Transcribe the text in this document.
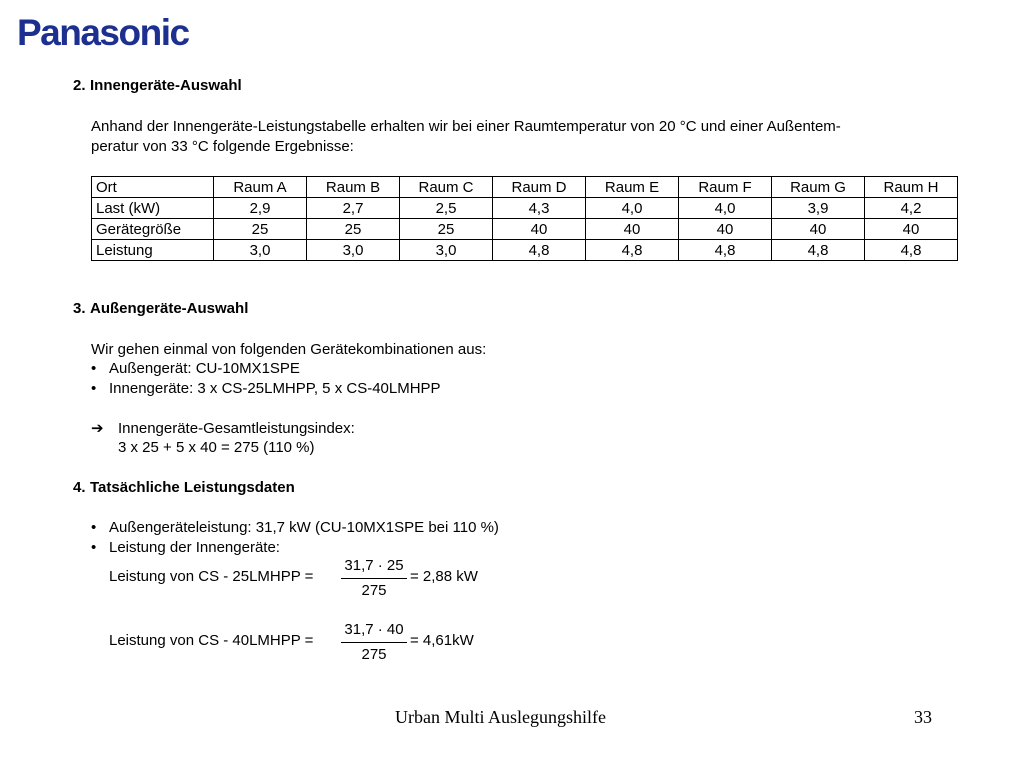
Panasonic
2. Innengeräte-Auswahl
Anhand der Innengeräte-Leistungstabelle erhalten wir bei einer Raumtemperatur von 20 °C und einer Außentem-
peratur von 33 °C folgende Ergebnisse:
Ort	Raum A	Raum B	Raum C	Raum D	Raum E	Raum F	Raum G	Raum H
Last (kW)	2,9	2,7	2,5	4,3	4,0	4,0	3,9	4,2
Gerätegröße	25	25	25	40	40	40	40	40
Leistung	3,0	3,0	3,0	4,8	4,8	4,8	4,8	4,8
3. Außengeräte-Auswahl
Wir gehen einmal von folgenden Gerätekombinationen aus:
• Außengerät: CU-10MX1SPE
• Innengeräte: 3 x CS-25LMHPP, 5 x CS-40LMHPP
➔ Innengeräte-Gesamtleistungsindex:
3 x 25 + 5 x 40 = 275 (110 %)
4. Tatsächliche Leistungsdaten
• Außengeräteleistung: 31,7 kW (CU-10MX1SPE bei 110 %)
• Leistung der Innengeräte:
Leistung von CS - 25LMHPP =
31,7 · 25
275
= 2,88 kW
Leistung von CS - 40LMHPP =
31,7 · 40
275
= 4,61kW
Urban Multi Auslegungshilfe	33
